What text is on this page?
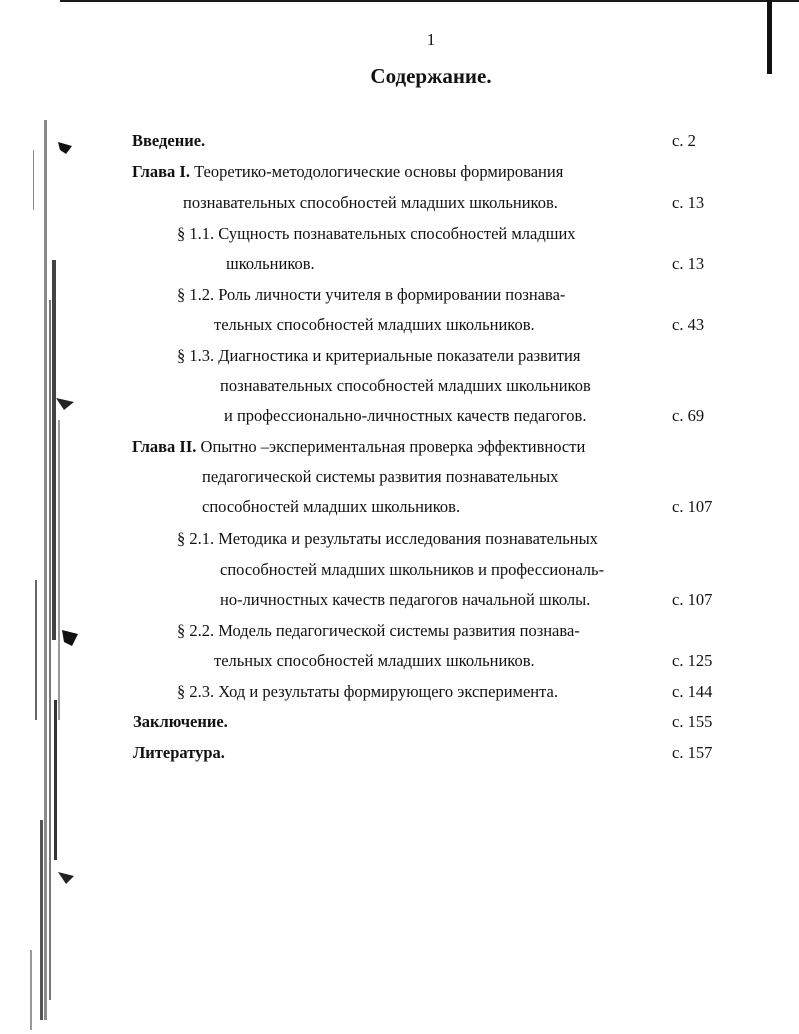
1
Содержание.
Введение.	с. 2
Глава I. Теоретико-методологические основы формирования
познавательных способностей младших школьников.	с. 13
§ 1.1. Сущность познавательных способностей младших
школьников.	с. 13
§ 1.2. Роль личности учителя в формировании познава-
тельных способностей младших школьников.	с. 43
§ 1.3. Диагностика и критериальные показатели развития
познавательных способностей младших школьников
и профессионально-личностных качеств педагогов.	с. 69
Глава II. Опытно –экспериментальная проверка эффективности
педагогической системы развития познавательных
способностей младших школьников.	с. 107
§ 2.1. Методика и результаты исследования познавательных
способностей младших школьников и профессиональ-
но-личностных качеств педагогов начальной школы.	с. 107
§ 2.2. Модель педагогической системы развития познава-
тельных способностей младших школьников.	с. 125
§ 2.3. Ход и результаты формирующего эксперимента.	с. 144
Заключение.	с. 155
Литература.	с. 157
